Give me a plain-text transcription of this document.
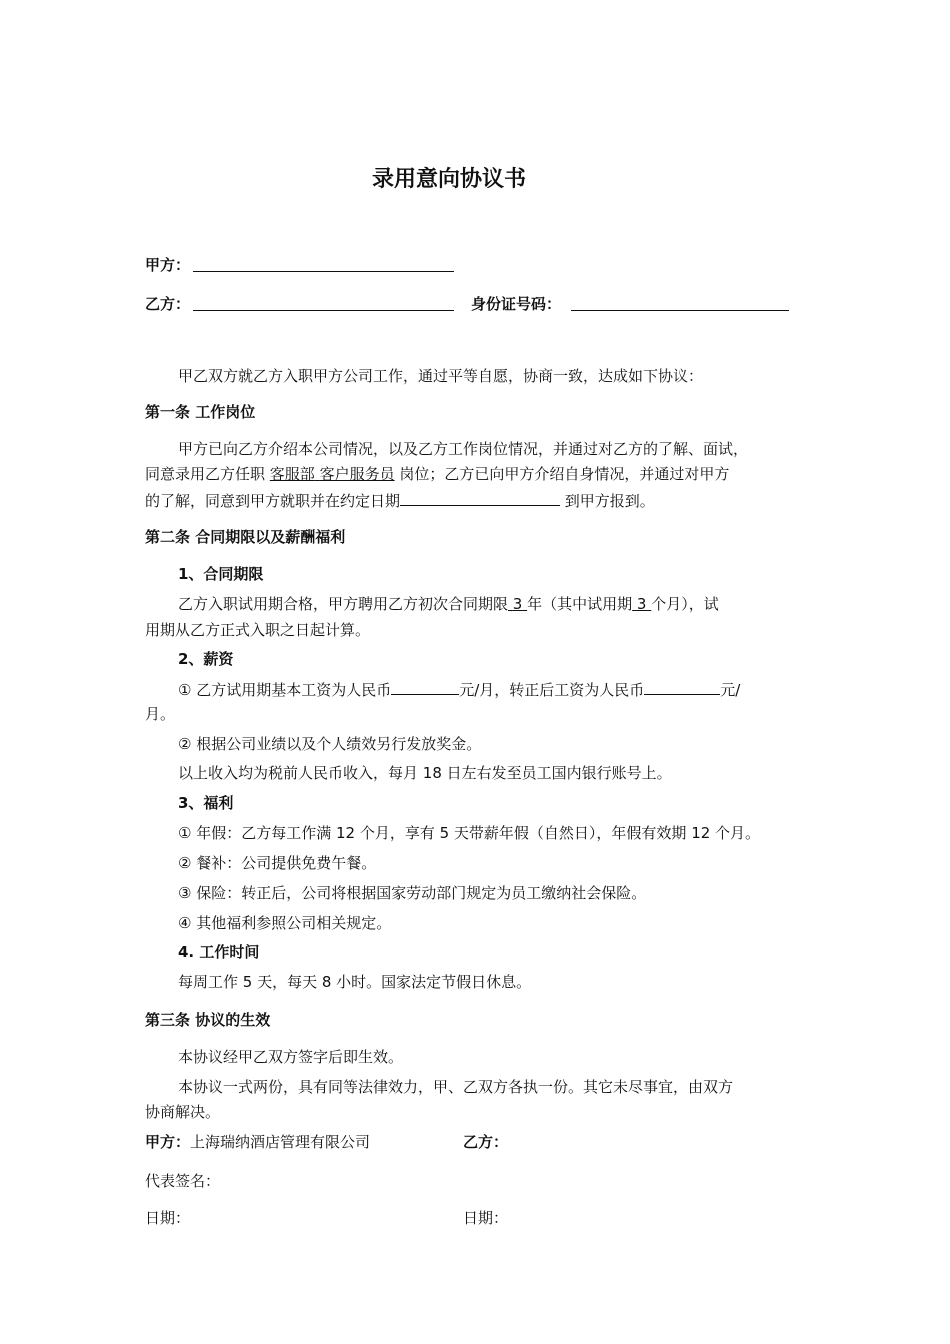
录用意向协议书
甲方：
乙方：	身份证号码：
甲乙双方就乙方入职甲方公司工作，通过平等自愿，协商一致，达成如下协议：
第一条 工作岗位
甲方已向乙方介绍本公司情况，以及乙方工作岗位情况，并通过对乙方的了解、面试，
同意录用乙方任职 客服部 客户服务员 岗位；乙方已向甲方介绍自身情况，并通过对甲方
的了解，同意到甲方就职并在约定日期	到甲方报到。
第二条 合同期限以及薪酬福利
1、合同期限
乙方入职试用期合格，甲方聘用乙方初次合同期限 3 年（其中试用期 3 个月），试
用期从乙方正式入职之日起计算。
2、薪资
① 乙方试用期基本工资为人民币	元/月，转正后工资为人民币	元/
月。
② 根据公司业绩以及个人绩效另行发放奖金。
以上收入均为税前人民币收入，每月 18 日左右发至员工国内银行账号上。
3、福利
① 年假：乙方每工作满 12 个月，享有 5 天带薪年假（自然日），年假有效期 12 个月。
② 餐补：公司提供免费午餐。
③ 保险：转正后，公司将根据国家劳动部门规定为员工缴纳社会保险。
④ 其他福利参照公司相关规定。
4. 工作时间
每周工作 5 天，每天 8 小时。国家法定节假日休息。
第三条 协议的生效
本协议经甲乙双方签字后即生效。
本协议一式两份，具有同等法律效力，甲、乙双方各执一份。其它未尽事宜，由双方
协商解决。
甲方：上海瑞纳酒店管理有限公司	乙方：
代表签名：
日期：	日期：
